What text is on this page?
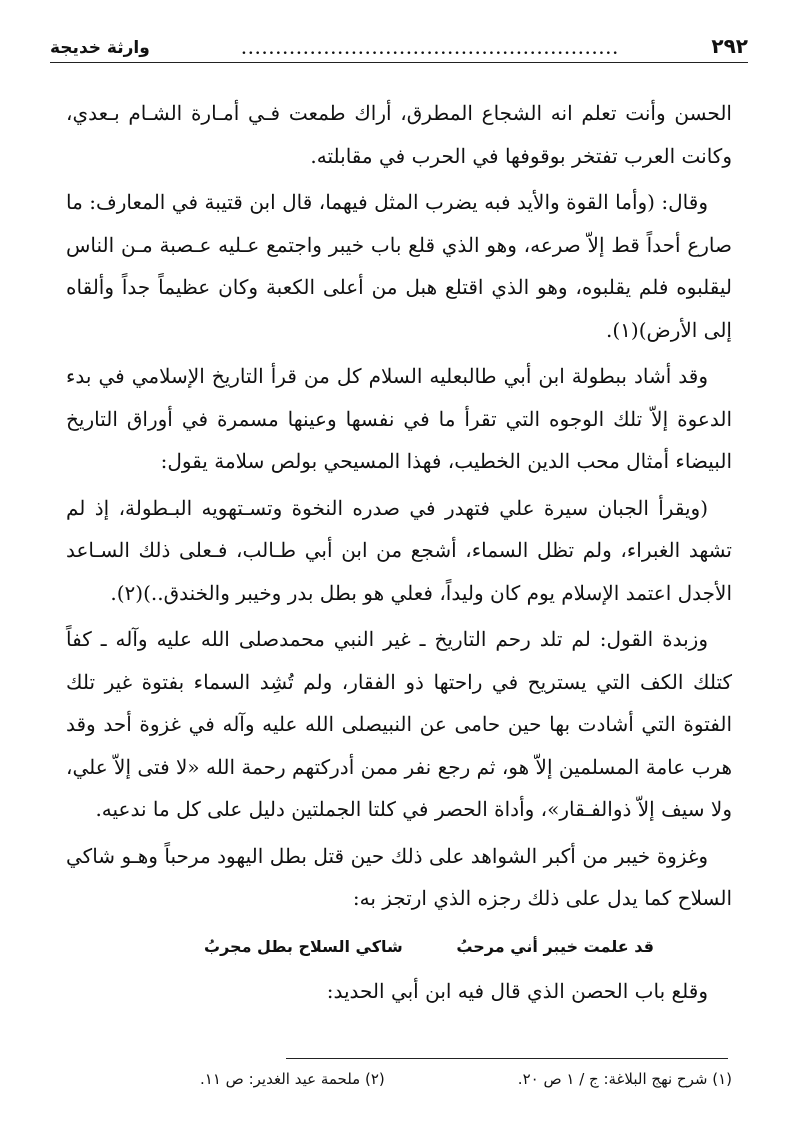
٢٩٢
.......................................................
وارثة خديجة

الحسن وأنت تعلم انه الشجاع المطرق، أراك طمعت فـي أمـارة الشـام بـعدي، وكانت العرب تفتخر بوقوفها في الحرب في مقابلته.

وقال: (وأما القوة والأيد فبه يضرب المثل فيهما، قال ابن قتيبة في المعارف: ما صارع أحداً قط إلاّ صرعه، وهو الذي قلع باب خيبر واجتمع عـليه عـصبة مـن الناس ليقلبوه فلم يقلبوه، وهو الذي اقتلع هبل من أعلى الكعبة وكان عظيماً جداً وألقاه إلى الأرض)(١).

وقد أشاد ببطولة ابن أبي طالبعليه السلام كل من قرأ التاريخ الإسلامي في بدء الدعوة إلاّ تلك الوجوه التي تقرأ ما في نفسها وعينها مسمرة في أوراق التاريخ البيضاء أمثال محب الدين الخطيب، فهذا المسيحي بولص سلامة يقول:

(ويقرأ الجبان سيرة علي فتهدر في صدره النخوة وتسـتهويه البـطولة، إذ لم تشهد الغبراء، ولم تظل السماء، أشجع من ابن أبي طـالب، فـعلى ذلك السـاعد الأجدل اعتمد الإسلام يوم كان وليداً، فعلي هو بطل بدر وخيبر والخندق..)(٢).

وزبدة القول: لم تلد رحم التاريخ ـ غير النبي محمدصلى الله عليه وآله ـ كفاً كتلك الكف التي يستريح في راحتها ذو الفقار، ولم تُشِد السماء بفتوة غير تلك الفتوة التي أشادت بها حين حامى عن النبيصلى الله عليه وآله في غزوة أحد وقد هرب عامة المسلمين إلاّ هو، ثم رجع نفر ممن أدركتهم رحمة الله «لا فتى إلاّ علي، ولا سيف إلاّ ذوالفـقار»، وأداة الحصر في كلتا الجملتين دليل على كل ما ندعيه.

وغزوة خيبر من أكبر الشواهد على ذلك حين قتل بطل اليهود مرحباً وهـو شاكي السلاح كما يدل على ذلك رجزه الذي ارتجز به:

قد علمت خيبر أني مرحبُ
شاكي السلاح بطل مجربُ

وقلع باب الحصن الذي قال فيه ابن أبي الحديد:

(١) شرح نهج البلاغة: ج / ١ ص ٢٠.
(٢) ملحمة عيد الغدير: ص ١١.
